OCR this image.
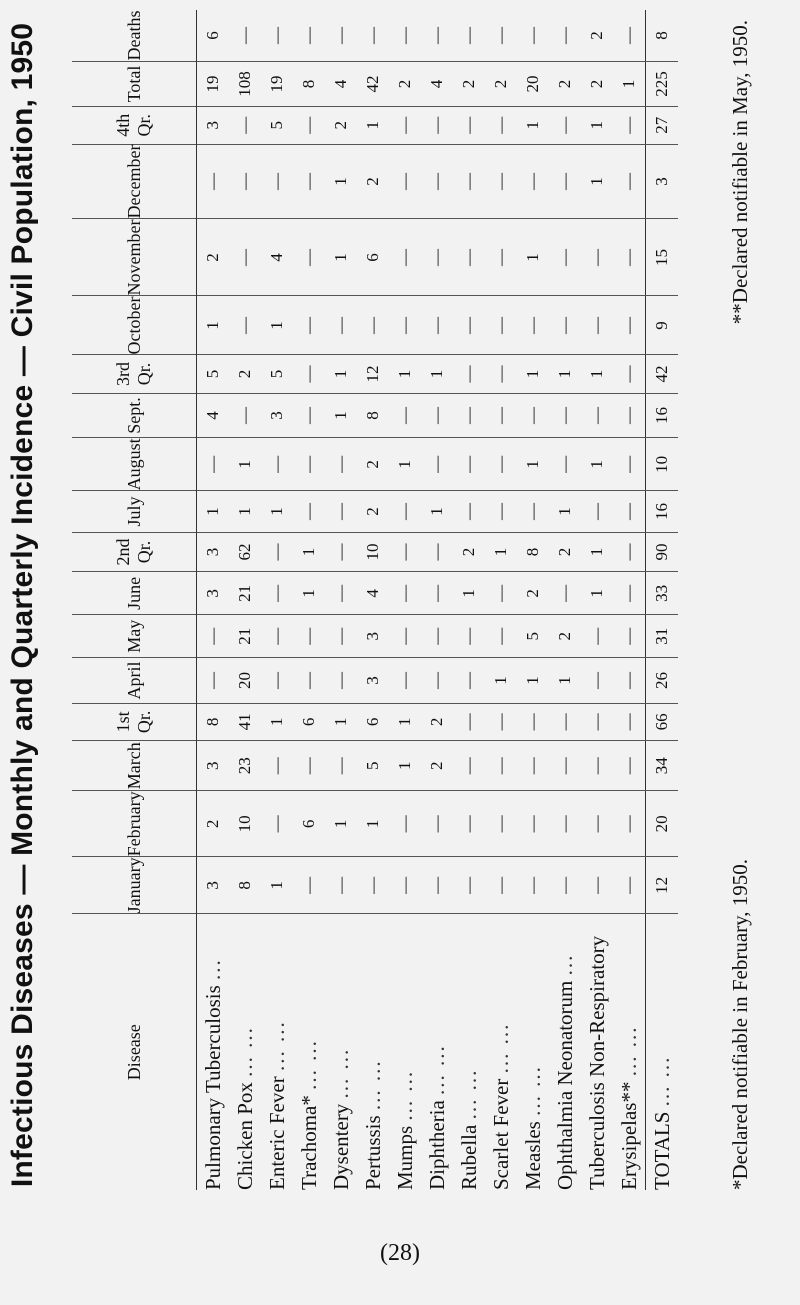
Infectious Diseases — Monthly and Quarterly Incidence — Civil Population, 1950	Disease	January	February	March	1st Qr.	April	May	June	2nd Qr.	July	August	Sept.	3rd Qr.	October	November	December	4th Qr.	Total	Deaths
Pulmonary Tuberculosis ...	3	2	3	8	—	—	3	3	1	—	4	5	1	2	—	3	19	6
Chicken Pox ... ...	8	10	23	41	20	21	21	62	1	1	—	2	—	—	—	—	108	—
Enteric Fever ... ...	1	—	—	1	—	—	—	—	1	—	3	5	1	4	—	5	19	—
Trachoma* ... ...	—	6	—	6	—	—	1	1	—	—	—	—	—	—	—	—	8	—
Dysentery ... ...	—	1	—	1	—	—	—	—	—	—	1	1	—	1	1	2	4	—
Pertussis ... ...	—	1	5	6	3	3	4	10	2	2	8	12	—	6	2	1	42	—
Mumps ... ...	—	—	1	1	—	—	—	—	—	1	—	1	—	—	—	—	2	—
Diphtheria ... ...	—	—	2	2	—	—	—	—	1	—	—	1	—	—	—	—	4	—
Rubella ... ...	—	—	—	—	—	—	1	2	—	—	—	—	—	—	—	—	2	—
Scarlet Fever ... ...	—	—	—	—	1	—	—	1	—	—	—	—	—	—	—	—	2	—
Measles ... ...	—	—	—	—	1	5	2	8	—	1	—	1	—	1	—	1	20	—
Ophthalmia Neonatorum ...	—	—	—	—	1	2	—	2	1	—	—	1	—	—	—	—	2	—
Tuberculosis Non-Respiratory	—	—	—	—	—	—	1	1	—	1	—	1	—	—	1	1	2	2
Erysipelas** ... ...	—	—	—	—	—	—	—	—	—	—	—	—	—	—	—	—	1	—
TOTALS ... ...	12	20	34	66	26	31	33	90	16	10	16	42	9	15	3	27	225	8
*Declared notifiable in February, 1950.
**Declared notifiable in May, 1950.
(28)
